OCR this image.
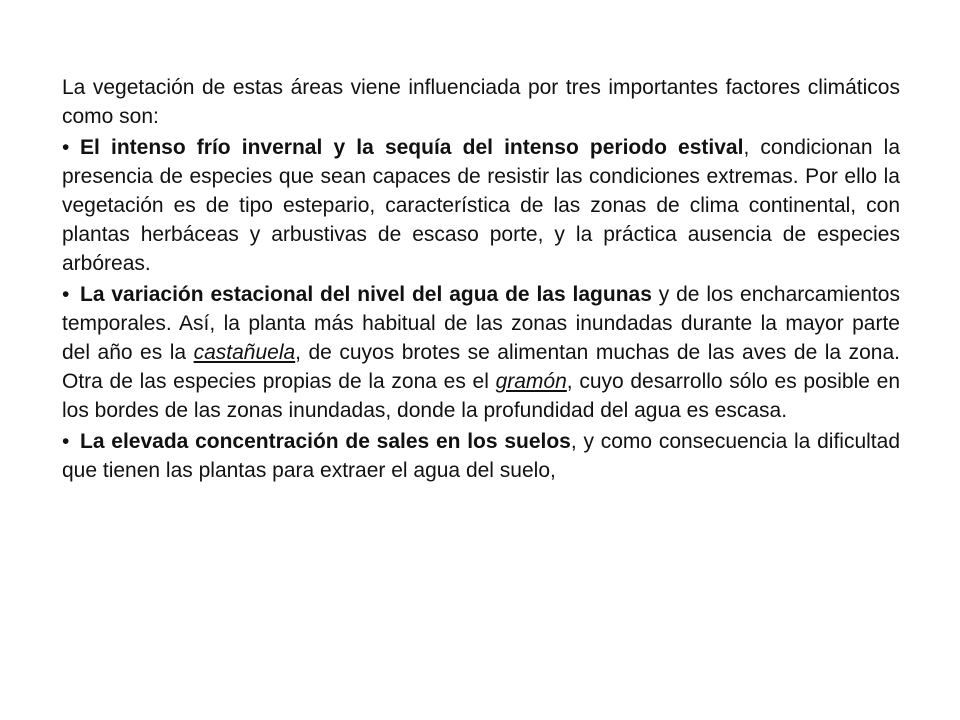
La vegetación de estas áreas viene influenciada por tres importantes factores climáticos como son:

• El intenso frío invernal y la sequía del intenso periodo estival, condicionan la presencia de especies que sean capaces de resistir las condiciones extremas. Por ello la vegetación es de tipo estepario, característica de las zonas de clima continental, con plantas herbáceas y arbustivas de escaso porte, y la práctica ausencia de especies arbóreas.

• La variación estacional del nivel del agua de las lagunas y de los encharcamientos temporales. Así, la planta más habitual de las zonas inundadas durante la mayor parte del año es la castañuela, de cuyos brotes se alimentan muchas de las aves de la zona. Otra de las especies propias de la zona es el gramón, cuyo desarrollo sólo es posible en los bordes de las zonas inundadas, donde la profundidad del agua es escasa.

• La elevada concentración de sales en los suelos, y como consecuencia la dificultad que tienen las plantas para extraer el agua del suelo,
